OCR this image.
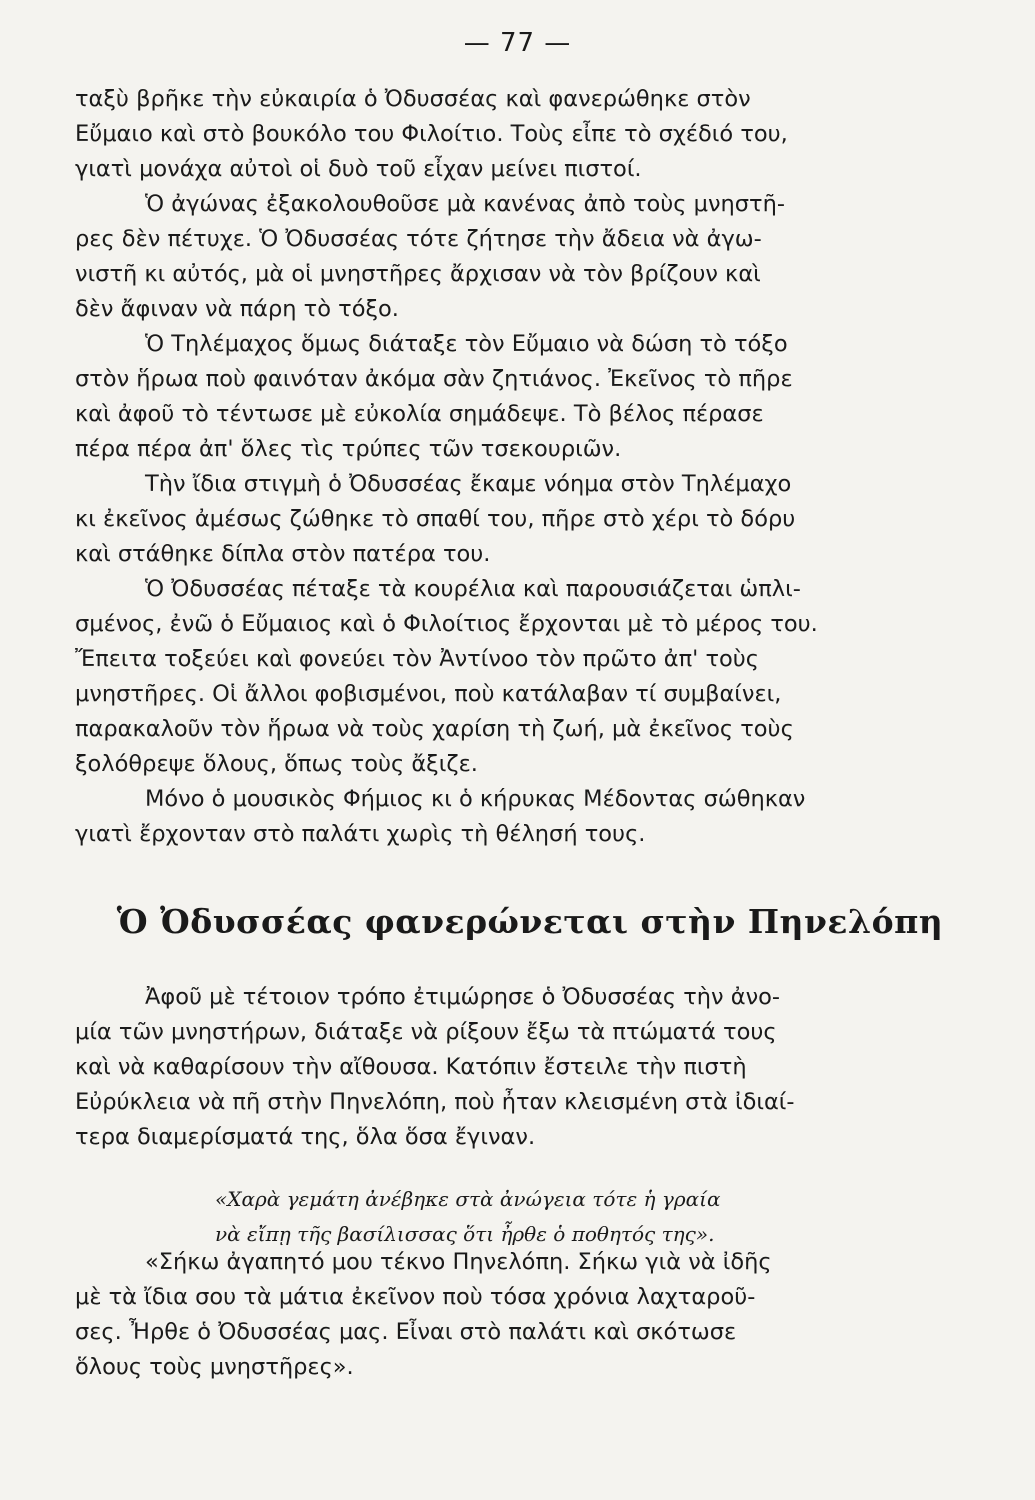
— 77 —
ταξὺ βρῆκε τὴν εὐκαιρία ὁ Ὀδυσσέας καὶ φανερώθηκε στὸν
Εὔμαιο καὶ στὸ βουκόλο του Φιλοίτιο. Τοὺς εἶπε τὸ σχέδιό του,
γιατὶ μονάχα αὐτοὶ οἱ δυὸ τοῦ εἶχαν μείνει πιστοί.
Ὁ ἀγώνας ἐξακολουθοῦσε μὰ κανένας ἀπὸ τοὺς μνηστῆ-
ρες δὲν πέτυχε. Ὁ Ὀδυσσέας τότε ζήτησε τὴν ἄδεια νὰ ἀγω-
νιστῆ κι αὐτός, μὰ οἱ μνηστῆρες ἄρχισαν νὰ τὸν βρίζουν καὶ
δὲν ἄφιναν νὰ πάρη τὸ τόξο.
Ὁ Τηλέμαχος ὅμως διάταξε τὸν Εὔμαιο νὰ δώση τὸ τόξο
στὸν ἥρωα ποὺ φαινόταν ἀκόμα σὰν ζητιάνος. Ἐκεῖνος τὸ πῆρε
καὶ ἀφοῦ τὸ τέντωσε μὲ εὐκολία σημάδεψε. Τὸ βέλος πέρασε
πέρα πέρα ἀπ' ὅλες τὶς τρύπες τῶν τσεκουριῶν.
Τὴν ἴδια στιγμὴ ὁ Ὀδυσσέας ἔκαμε νόημα στὸν Τηλέμαχο
κι ἐκεῖνος ἀμέσως ζώθηκε τὸ σπαθί του, πῆρε στὸ χέρι τὸ δόρυ
καὶ στάθηκε δίπλα στὸν πατέρα του.
Ὁ Ὀδυσσέας πέταξε τὰ κουρέλια καὶ παρουσιάζεται ὡπλι-
σμένος, ἐνῶ ὁ Εὔμαιος καὶ ὁ Φιλοίτιος ἔρχονται μὲ τὸ μέρος του.
Ἔπειτα τοξεύει καὶ φονεύει τὸν Ἀντίνοο τὸν πρῶτο ἀπ' τοὺς
μνηστῆρες. Οἱ ἄλλοι φοβισμένοι, ποὺ κατάλαβαν τί συμβαίνει,
παρακαλοῦν τὸν ἥρωα νὰ τοὺς χαρίση τὴ ζωή, μὰ ἐκεῖνος τοὺς
ξολόθρεψε ὅλους, ὅπως τοὺς ἄξιζε.
Μόνο ὁ μουσικὸς Φήμιος κι ὁ κήρυκας Μέδοντας σώθηκαν
γιατὶ ἔρχονταν στὸ παλάτι χωρὶς τὴ θέλησή τους.
Ὁ Ὀδυσσέας φανερώνεται στὴν Πηνελόπη
Ἀφοῦ μὲ τέτοιον τρόπο ἐτιμώρησε ὁ Ὀδυσσέας τὴν ἀνο-
μία τῶν μνηστήρων, διάταξε νὰ ρίξουν ἔξω τὰ πτώματά τους
καὶ νὰ καθαρίσουν τὴν αἴθουσα. Κατόπιν ἔστειλε τὴν πιστὴ
Εὐρύκλεια νὰ πῆ στὴν Πηνελόπη, ποὺ ἦταν κλεισμένη στὰ ἰδιαί-
τερα διαμερίσματά της, ὅλα ὅσα ἔγιναν.
«Χαρὰ γεμάτη ἀνέβηκε στὰ ἀνώγεια τότε ἡ γραία
νὰ εἴπῃ τῆς βασίλισσας ὅτι ἦρθε ὁ ποθητός της».
«Σήκω ἀγαπητό μου τέκνο Πηνελόπη. Σήκω γιὰ νὰ ἰδῆς
μὲ τὰ ἴδια σου τὰ μάτια ἐκεῖνον ποὺ τόσα χρόνια λαχταροῦ-
σες. Ἦρθε ὁ Ὀδυσσέας μας. Εἶναι στὸ παλάτι καὶ σκότωσε
ὅλους τοὺς μνηστῆρες».
